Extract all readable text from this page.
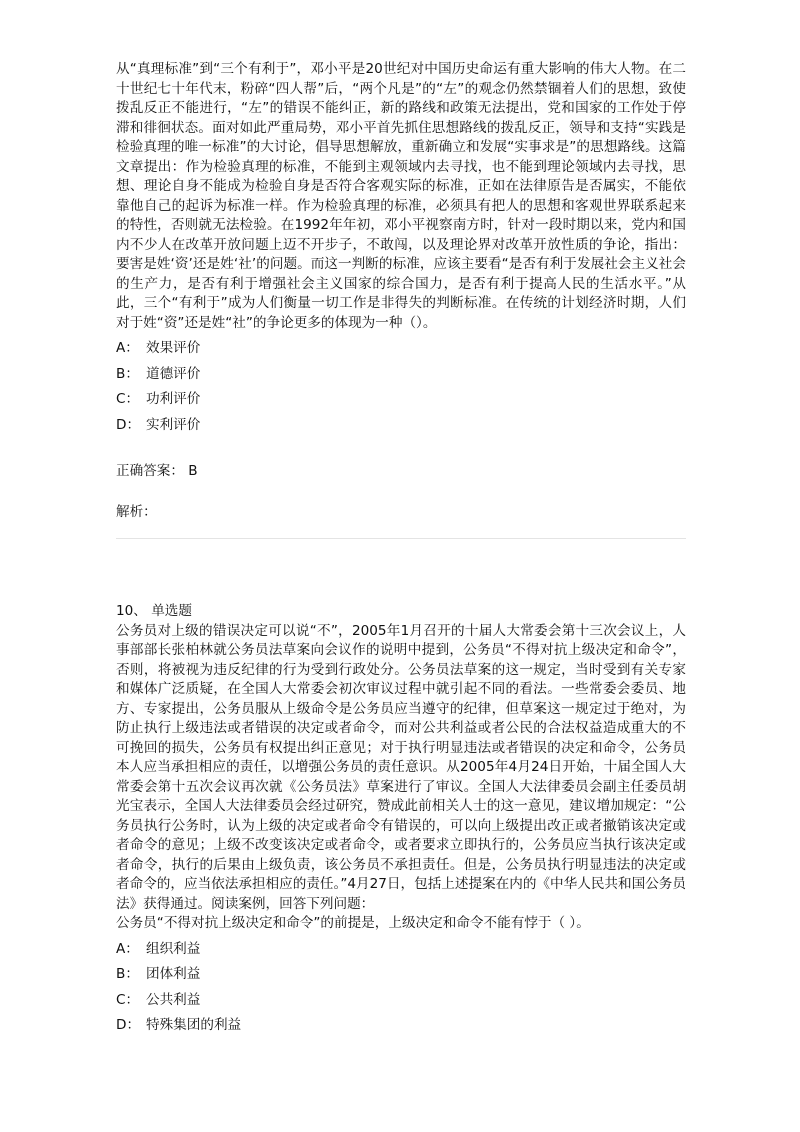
从“真理标准”到“三个有利于”，邓小平是20世纪对中国历史命运有重大影响的伟大人物。在二十世纪七十年代末，粉碎“四人帮”后，“两个凡是”的“左”的观念仍然禁锢着人们的思想，致使拨乱反正不能进行，“左”的错误不能纠正，新的路线和政策无法提出，党和国家的工作处于停滞和徘徊状态。面对如此严重局势，邓小平首先抓住思想路线的拨乱反正，领导和支持“实践是检验真理的唯一标准”的大讨论，倡导思想解放，重新确立和发展“实事求是”的思想路线。这篇文章提出：作为检验真理的标准，不能到主观领域内去寻找，也不能到理论领域内去寻找，思想、理论自身不能成为检验自身是否符合客观实际的标准，正如在法律原告是否属实，不能依靠他自己的起诉为标准一样。作为检验真理的标准，必须具有把人的思想和客观世界联系起来的特性，否则就无法检验。在1992年年初，邓小平视察南方时，针对一段时期以来，党内和国内不少人在改革开放问题上迈不开步子，不敢闯，以及理论界对改革开放性质的争论，指出：要害是姓‘资’还是姓‘社’的问题。而这一判断的标准，应该主要看“是否有利于发展社会主义社会的生产力，是否有利于增强社会主义国家的综合国力，是否有利于提高人民的生活水平。”从此，三个“有利于”成为人们衡量一切工作是非得失的判断标准。在传统的计划经济时期，人们对于姓“资”还是姓“社”的争论更多的体现为一种（）。

A： 效果评价

B： 道德评价

C： 功利评价

D： 实利评价

正确答案： B
解析：

10、 单选题

公务员对上级的错误决定可以说“不”，2005年1月召开的十届人大常委会第十三次会议上，人事部部长张柏林就公务员法草案向会议作的说明中提到，公务员“不得对抗上级决定和命令”，否则，将被视为违反纪律的行为受到行政处分。公务员法草案的这一规定，当时受到有关专家和媒体广泛质疑，在全国人大常委会初次审议过程中就引起不同的看法。一些常委会委员、地方、专家提出，公务员服从上级命令是公务员应当遵守的纪律，但草案这一规定过于绝对，为防止执行上级违法或者错误的决定或者命令，而对公共利益或者公民的合法权益造成重大的不可挽回的损失，公务员有权提出纠正意见；对于执行明显违法或者错误的决定和命令，公务员本人应当承担相应的责任，以增强公务员的责任意识。从2005年4月24日开始，十届全国人大常委会第十五次会议再次就《公务员法》草案进行了审议。全国人大法律委员会副主任委员胡光宝表示，全国人大法律委员会经过研究，赞成此前相关人士的这一意见，建议增加规定：“公务员执行公务时，认为上级的决定或者命令有错误的，可以向上级提出改正或者撤销该决定或者命令的意见；上级不改变该决定或者命令，或者要求立即执行的，公务员应当执行该决定或者命令，执行的后果由上级负责，该公务员不承担责任。但是，公务员执行明显违法的决定或者命令的，应当依法承担相应的责任。”4月27日，包括上述提案在内的《中华人民共和国公务员法》获得通过。阅读案例，回答下列问题：

公务员“不得对抗上级决定和命令”的前提是，上级决定和命令不能有悖于（ ）。

A： 组织利益

B： 团体利益

C： 公共利益

D： 特殊集团的利益
